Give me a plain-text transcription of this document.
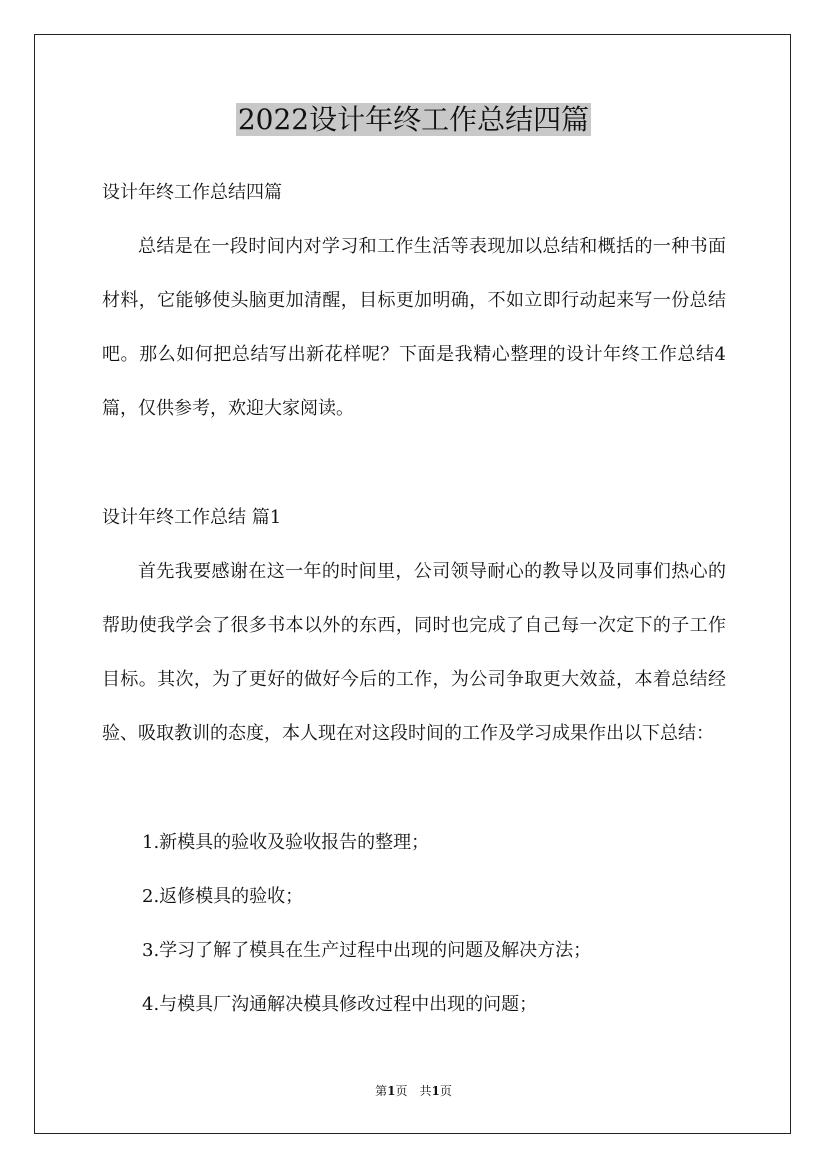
2022设计年终工作总结四篇

设计年终工作总结四篇

总结是在一段时间内对学习和工作生活等表现加以总结和概括的一种书面材料，它能够使头脑更加清醒，目标更加明确，不如立即行动起来写一份总结吧。那么如何把总结写出新花样呢？下面是我精心整理的设计年终工作总结4篇，仅供参考，欢迎大家阅读。

设计年终工作总结 篇1

首先我要感谢在这一年的时间里，公司领导耐心的教导以及同事们热心的帮助使我学会了很多书本以外的东西，同时也完成了自己每一次定下的子工作目标。其次，为了更好的做好今后的工作，为公司争取更大效益，本着总结经验、吸取教训的态度，本人现在对这段时间的工作及学习成果作出以下总结：

1.新模具的验收及验收报告的整理；

2.返修模具的验收；

3.学习了解了模具在生产过程中出现的问题及解决方法；

4.与模具厂沟通解决模具修改过程中出现的问题；

第1页　共1页
